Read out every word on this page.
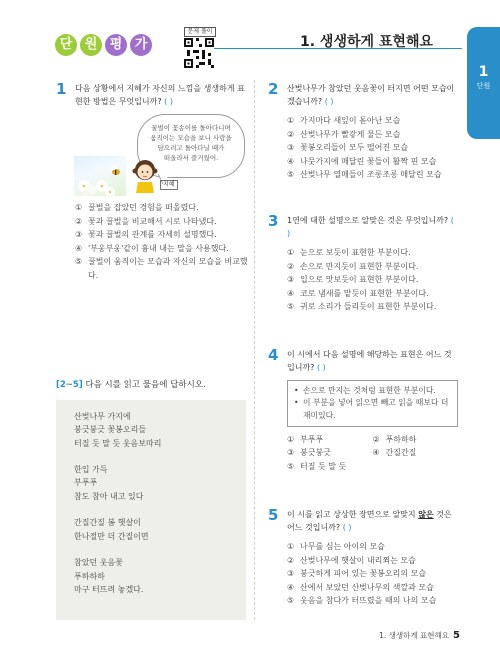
단 원 평 가
문제 풀이
1. 생생하게 표현해요
1
단원
1 다음 상황에서 지혜가 자신의 느낌을 생생하게 표현한 방법은 무엇입니까? ( )
꿀벌이 꽃송이를 돌아다니며
움직이는 모습을 보니 사랑을
담으려고 돌아다닐 때가
떠올라서 즐거웠어.
지혜
① 꿀벌을 잡았던 경험을 떠올렸다.
② 꽃과 꿀벌을 비교해서 시로 나타냈다.
③ 꽃과 꿀벌의 관계를 자세히 설명했다.
④ '부웅부웅'같이 흉내 내는 말을 사용했다.
⑤ 꿀벌이 움직이는 모습과 자신의 모습을 비교했다.
[2~5] 다음 시를 읽고 물음에 답하시오.
산벚나무 가지에
붕긋붕긋 꽃봉오리들
터질 듯 말 듯 웃음보따리
한입 가득
부푸푸
참도 참아 내고 있다
간질간질 봄 햇살이
한나절만 더 간질이면
참았던 웃음꽃
푸하하하
마구 터뜨려 놓겠다.
2 산벚나무가 참았던 웃음꽃이 터지면 어떤 모습이겠습니까? ( )
① 가지마다 새잎이 돋아난 모습
② 산벚나무가 빨갛게 물든 모습
③ 꽃봉오리들이 모두 떨어진 모습
④ 나뭇가지에 매달린 꽃들이 활짝 핀 모습
⑤ 산벚나무 열매들이 조롱조롱 매달린 모습
3 1연에 대한 설명으로 알맞은 것은 무엇입니까? ( )
① 눈으로 보듯이 표현한 부분이다.
② 손으로 만지듯이 표현한 부분이다.
③ 입으로 맛보듯이 표현한 부분이다.
④ 코로 냄새를 맡듯이 표현한 부분이다.
⑤ 귀로 소리가 들리듯이 표현한 부분이다.
4 이 시에서 다음 설명에 해당하는 표현은 어느 것입니까? ( )
• 손으로 만지는 것처럼 표현한 부분이다.
• 이 부분을 넣어 읽으면 빼고 읽을 때보다 더 재미있다.
① 부푸푸	② 푸하하하
③ 붕긋붕긋	④ 간질간질
⑤ 터질 듯 말 듯
5 이 시를 읽고 상상한 장면으로 알맞지 않은 것은 어느 것입니까? ( )
① 나무를 심는 아이의 모습
② 산벚나무에 햇살이 내리쬐는 모습
③ 붕긋하게 피어 있는 꽃봉오리의 모습
④ 산에서 보았던 산벚나무의 색깔과 모습
⑤ 웃음을 참다가 터뜨렸을 때의 나의 모습
1. 생생하게 표현해요 5
